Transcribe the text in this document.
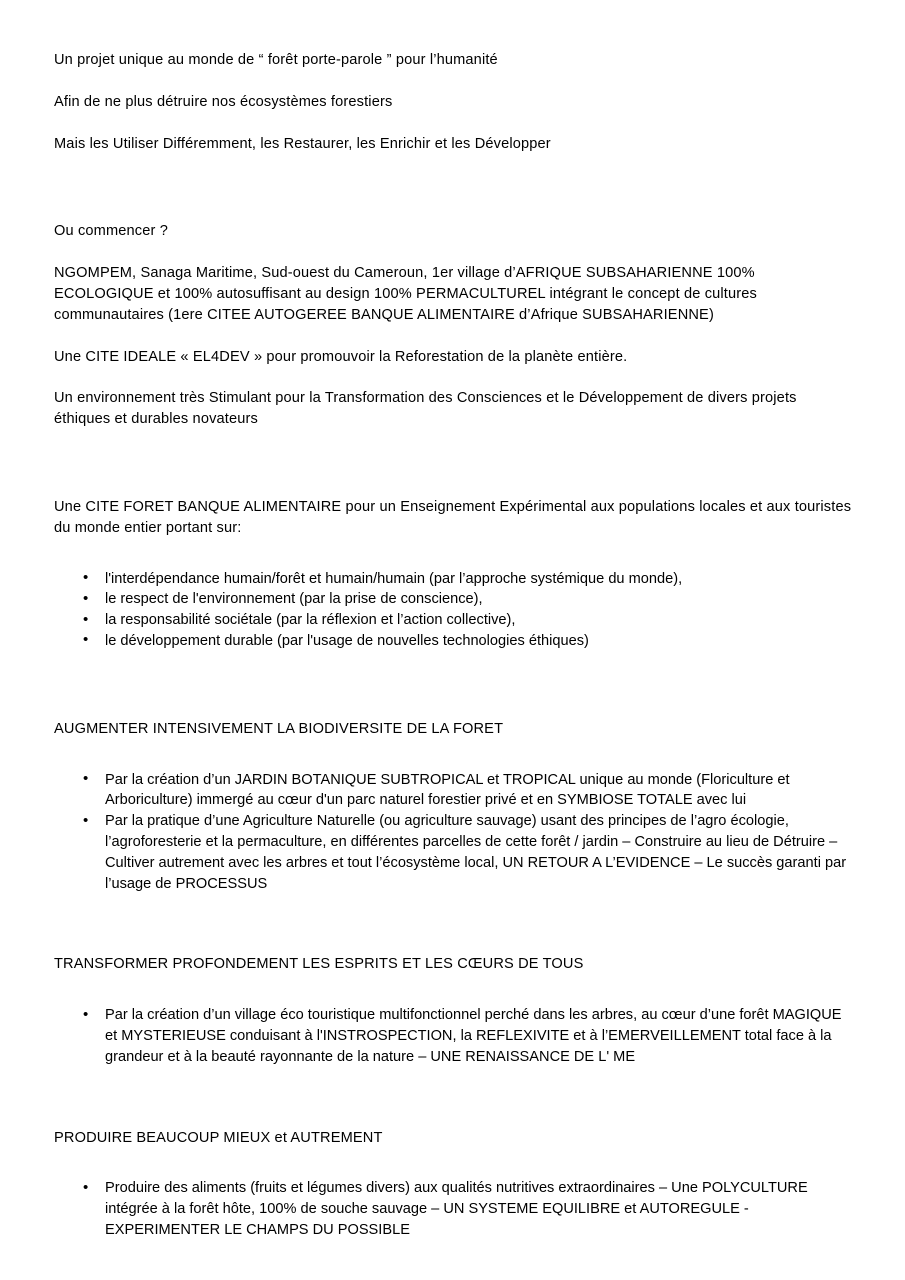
Un projet unique au monde de “ forêt porte-parole ” pour l’humanité

Afin de ne plus détruire nos écosystèmes forestiers

Mais les Utiliser Différemment, les Restaurer, les Enrichir et les Développer

Ou commencer ?

NGOMPEM, Sanaga Maritime, Sud-ouest du Cameroun, 1er village d’AFRIQUE SUBSAHARIENNE 100% ECOLOGIQUE et 100% autosuffisant au design 100% PERMACULTUREL intégrant le concept de cultures communautaires (1ere CITEE AUTOGEREE BANQUE ALIMENTAIRE d’Afrique SUBSAHARIENNE)

Une CITE IDEALE « EL4DEV » pour promouvoir la Reforestation de la planète entière.

Un environnement très Stimulant pour la Transformation des Consciences et le Développement de divers projets éthiques et durables novateurs

Une CITE FORET BANQUE ALIMENTAIRE pour un Enseignement Expérimental aux populations locales et aux touristes du monde entier portant sur:

• l'interdépendance humain/forêt et humain/humain (par l’approche systémique du monde),
• le respect de l'environnement (par la prise de conscience),
• la responsabilité sociétale (par la réflexion et l’action collective),
• le développement durable (par l'usage de nouvelles technologies éthiques)
AUGMENTER INTENSIVEMENT LA BIODIVERSITE DE LA FORET
• Par la création d’un JARDIN BOTANIQUE SUBTROPICAL et TROPICAL unique au monde (Floriculture et Arboriculture) immergé au cœur d'un parc naturel forestier privé et en SYMBIOSE TOTALE avec lui
• Par la pratique d’une Agriculture Naturelle (ou agriculture sauvage) usant des principes de l’agro écologie, l’agroforesterie et la permaculture, en différentes parcelles de cette forêt / jardin – Construire au lieu de Détruire – Cultiver autrement avec les arbres et tout l’écosystème local, UN RETOUR A L’EVIDENCE – Le succès garanti par l’usage de PROCESSUS
TRANSFORMER PROFONDEMENT LES ESPRITS ET LES CŒURS DE TOUS
• Par la création d’un village éco touristique multifonctionnel perché dans les arbres, au cœur d’une forêt MAGIQUE et MYSTERIEUSE conduisant à l'INSTROSPECTION, la REFLEXIVITE et à l’EMERVEILLEMENT total face à la grandeur et à la beauté rayonnante de la nature – UNE RENAISSANCE DE L' ME
PRODUIRE BEAUCOUP MIEUX et AUTREMENT
• Produire des aliments (fruits et légumes divers) aux qualités nutritives extraordinaires – Une POLYCULTURE intégrée à la forêt hôte, 100% de souche sauvage – UN SYSTEME EQUILIBRE et AUTOREGULE - EXPERIMENTER LE CHAMPS DU POSSIBLE
